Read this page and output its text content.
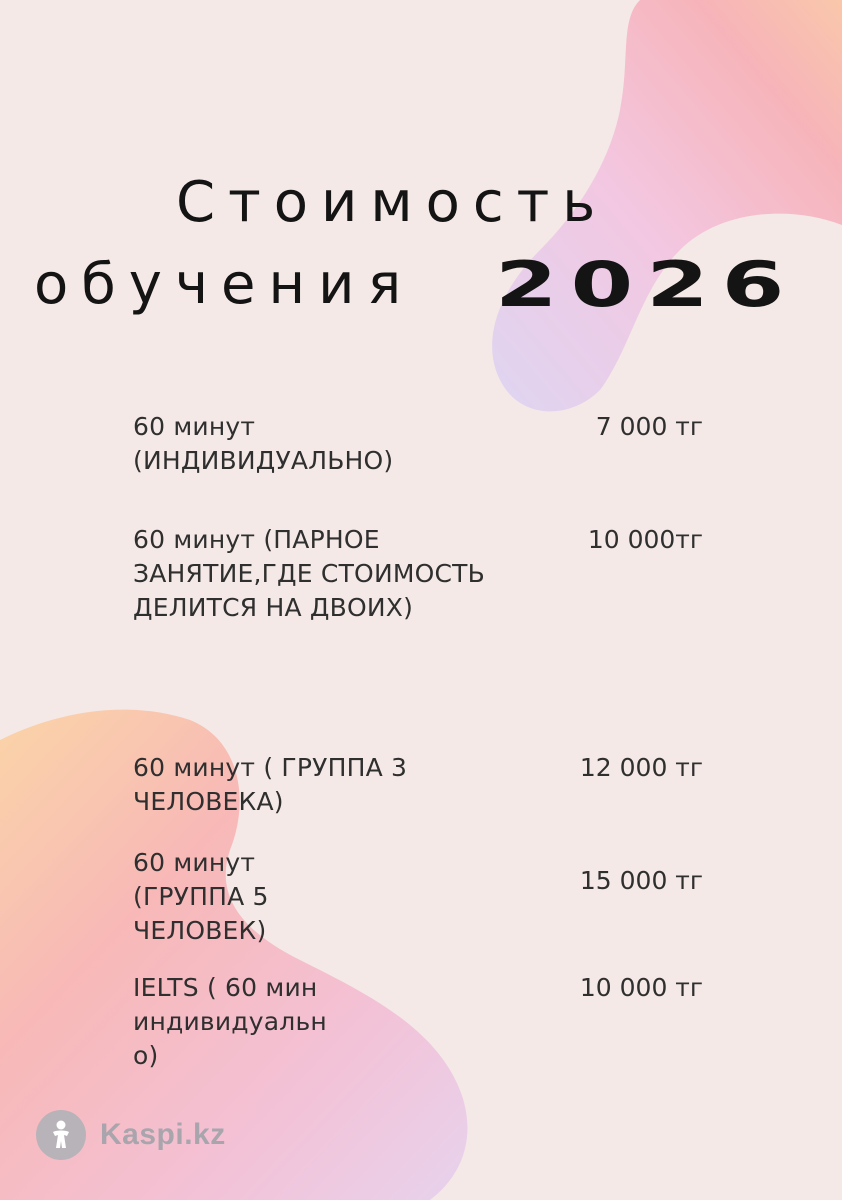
Стоимость
обучения 2026
60 минут
(ИНДИВИДУАЛЬНО)
7 000 тг
60 минут (ПАРНОЕ
ЗАНЯТИЕ,ГДЕ СТОИМОСТЬ
ДЕЛИТСЯ НА ДВОИХ)
10 000тг
60 минут ( ГРУППА 3
ЧЕЛОВЕКА)
12 000 тг
60 минут
(ГРУППА 5
ЧЕЛОВЕК)
15 000 тг
IELTS ( 60 мин
индивидуальн
о)
10 000 тг
Kaspi.kz
